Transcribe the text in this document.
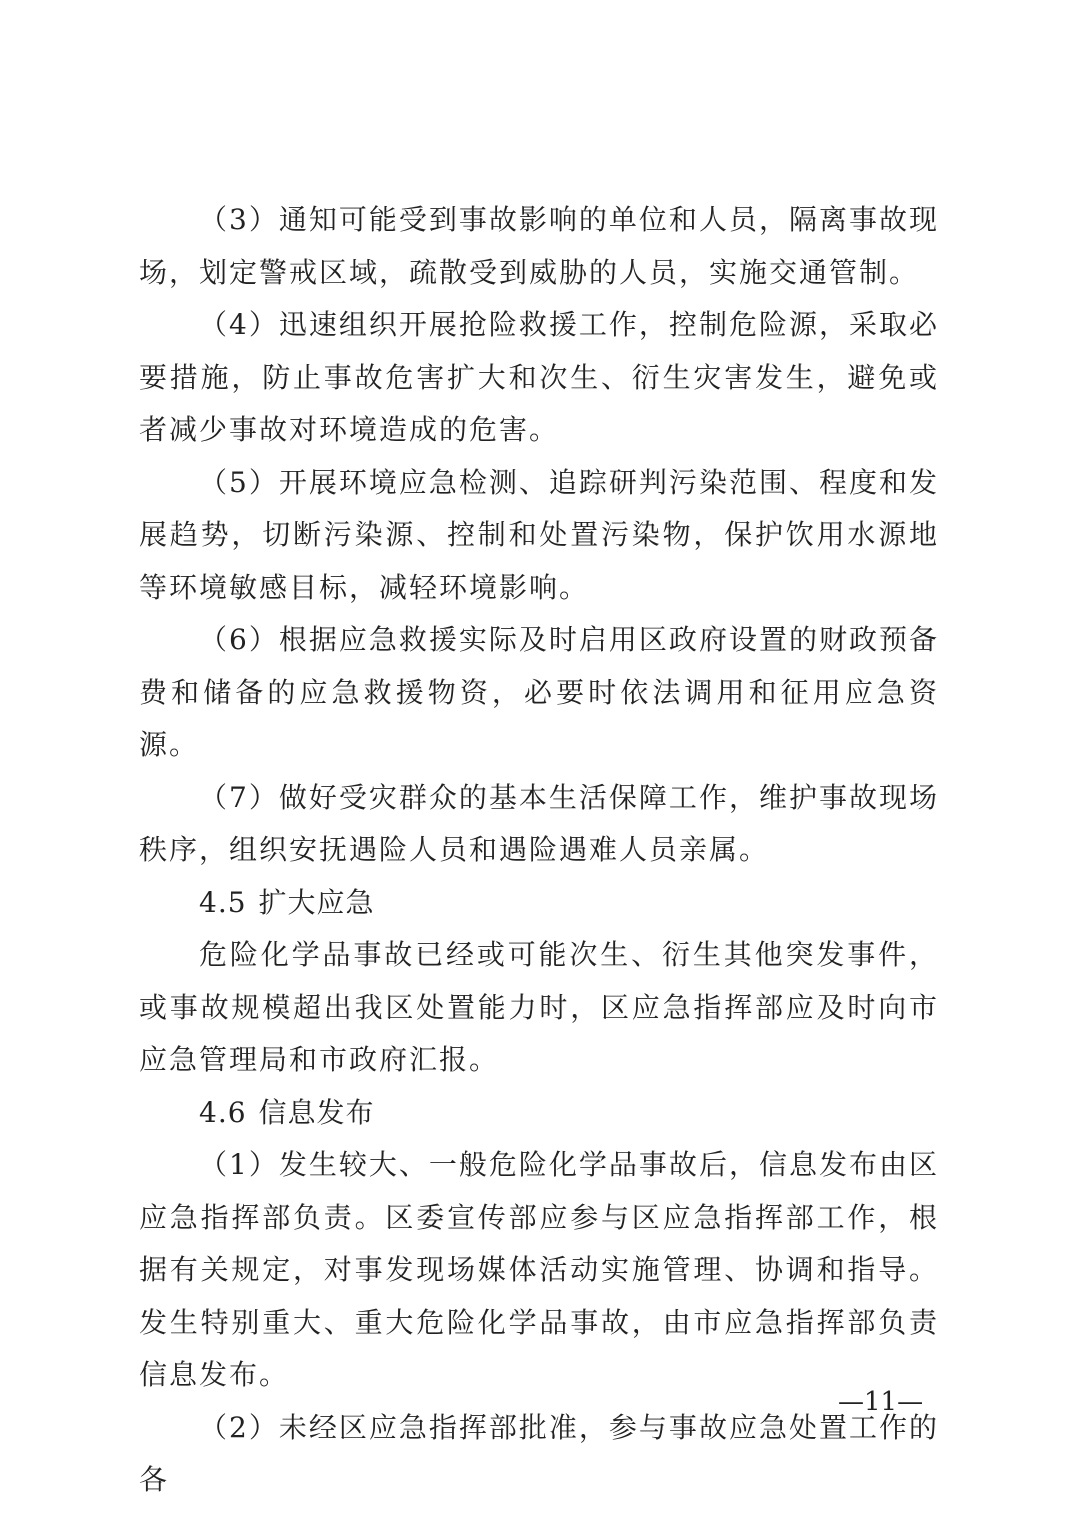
（3）通知可能受到事故影响的单位和人员，隔离事故现场，划定警戒区域，疏散受到威胁的人员，实施交通管制。

（4）迅速组织开展抢险救援工作，控制危险源，采取必要措施，防止事故危害扩大和次生、衍生灾害发生，避免或者减少事故对环境造成的危害。

（5）开展环境应急检测、追踪研判污染范围、程度和发展趋势，切断污染源、控制和处置污染物，保护饮用水源地等环境敏感目标，减轻环境影响。

（6）根据应急救援实际及时启用区政府设置的财政预备费和储备的应急救援物资，必要时依法调用和征用应急资源。

（7）做好受灾群众的基本生活保障工作，维护事故现场秩序，组织安抚遇险人员和遇险遇难人员亲属。

4.5 扩大应急

危险化学品事故已经或可能次生、衍生其他突发事件，或事故规模超出我区处置能力时，区应急指挥部应及时向市应急管理局和市政府汇报。

4.6 信息发布

（1）发生较大、一般危险化学品事故后，信息发布由区应急指挥部负责。区委宣传部应参与区应急指挥部工作，根据有关规定，对事发现场媒体活动实施管理、协调和指导。发生特别重大、重大危险化学品事故，由市应急指挥部负责信息发布。

（2）未经区应急指挥部批准，参与事故应急处置工作的各

—11—
